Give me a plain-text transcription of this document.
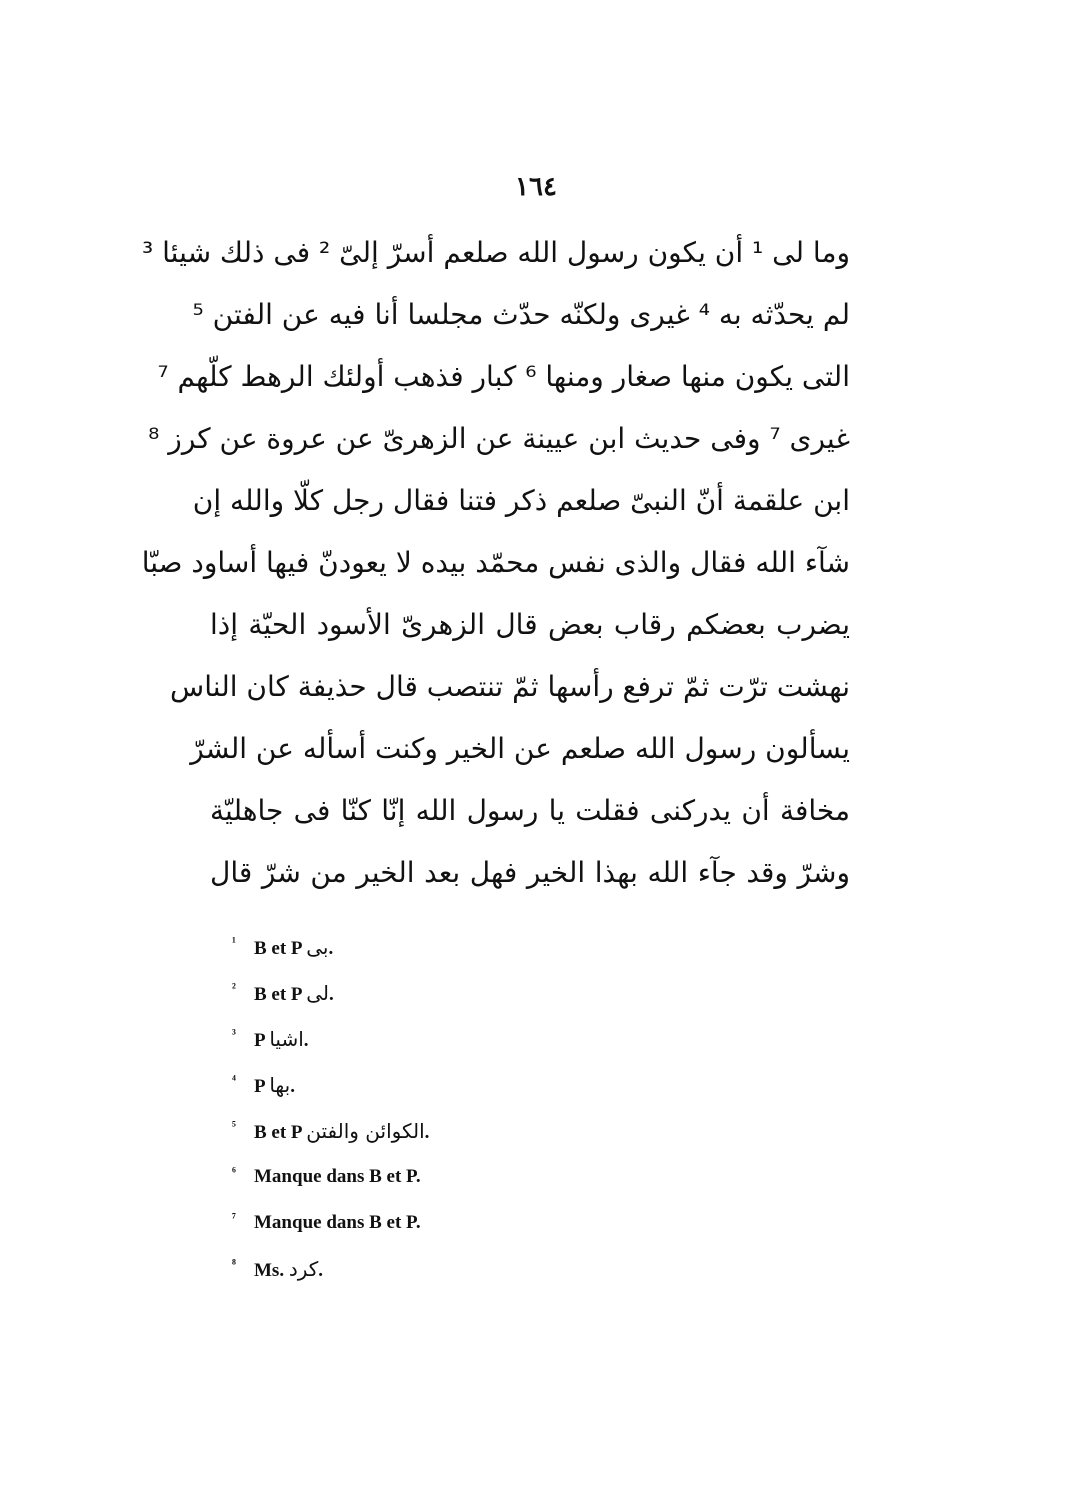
١٦٤
وما لى ¹ أن يكون رسول الله صلعم أسرّ إلىّ ² فى ذلك شيئا ³
لم يحدّثه به ⁴ غيرى ولكنّه حدّث مجلسا أنا فيه عن الفتن ⁵
التى يكون منها صغار ومنها ⁶ كبار فذهب أولئك الرهط كلّهم ⁷
غيرى ⁷ وفى حديث ابن عيينة عن الزهرىّ عن عروة عن كرز ⁸
ابن علقمة أنّ النبىّ صلعم ذكر فتنا فقال رجل كلّا والله إن
شآء الله فقال والذى نفس محمّد بيده لا يعودنّ فيها أساود صبّا
يضرب بعضكم رقاب بعض قال الزهرىّ الأسود الحيّة إذا
نهشت ترّت ثمّ ترفع رأسها ثمّ تنتصب قال حذيفة كان الناس
يسألون رسول الله صلعم عن الخير وكنت أسأله عن الشرّ
مخافة أن يدركنى فقلت يا رسول الله إنّا كنّا فى جاهليّة
وشرّ وقد جآء الله بهذا الخير فهل بعد الخير من شرّ قال
¹ B et P بى.
² B et P لى.
³ P اشيا.
⁴ P بها.
⁵ B et P الكوائن والفتن.
⁶ Manque dans B et P.
⁷ Manque dans B et P.
⁸ Ms. كرد.
